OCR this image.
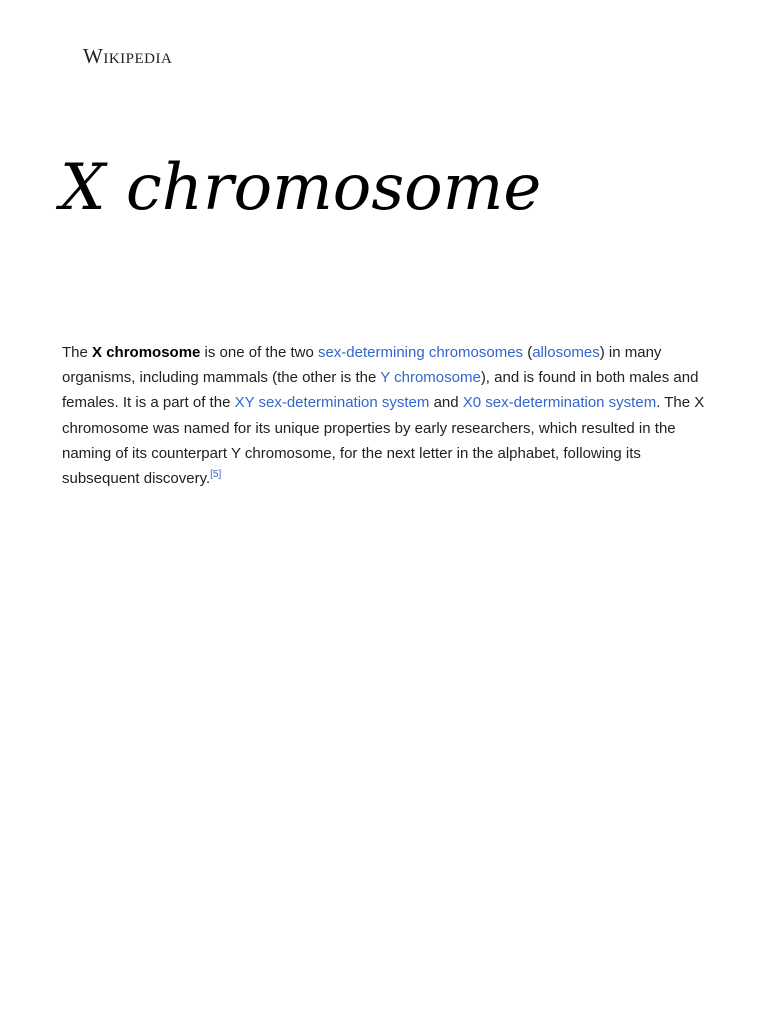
Wikipedia
X chromosome

The X chromosome is one of the two sex-determining chromosomes (allosomes) in many organisms, including mammals (the other is the Y chromosome), and is found in both males and females. It is a part of the XY sex-determination system and X0 sex-determination system. The X chromosome was named for its unique properties by early researchers, which resulted in the naming of its counterpart Y chromosome, for the next letter in the alphabet, following its subsequent discovery.[5]
